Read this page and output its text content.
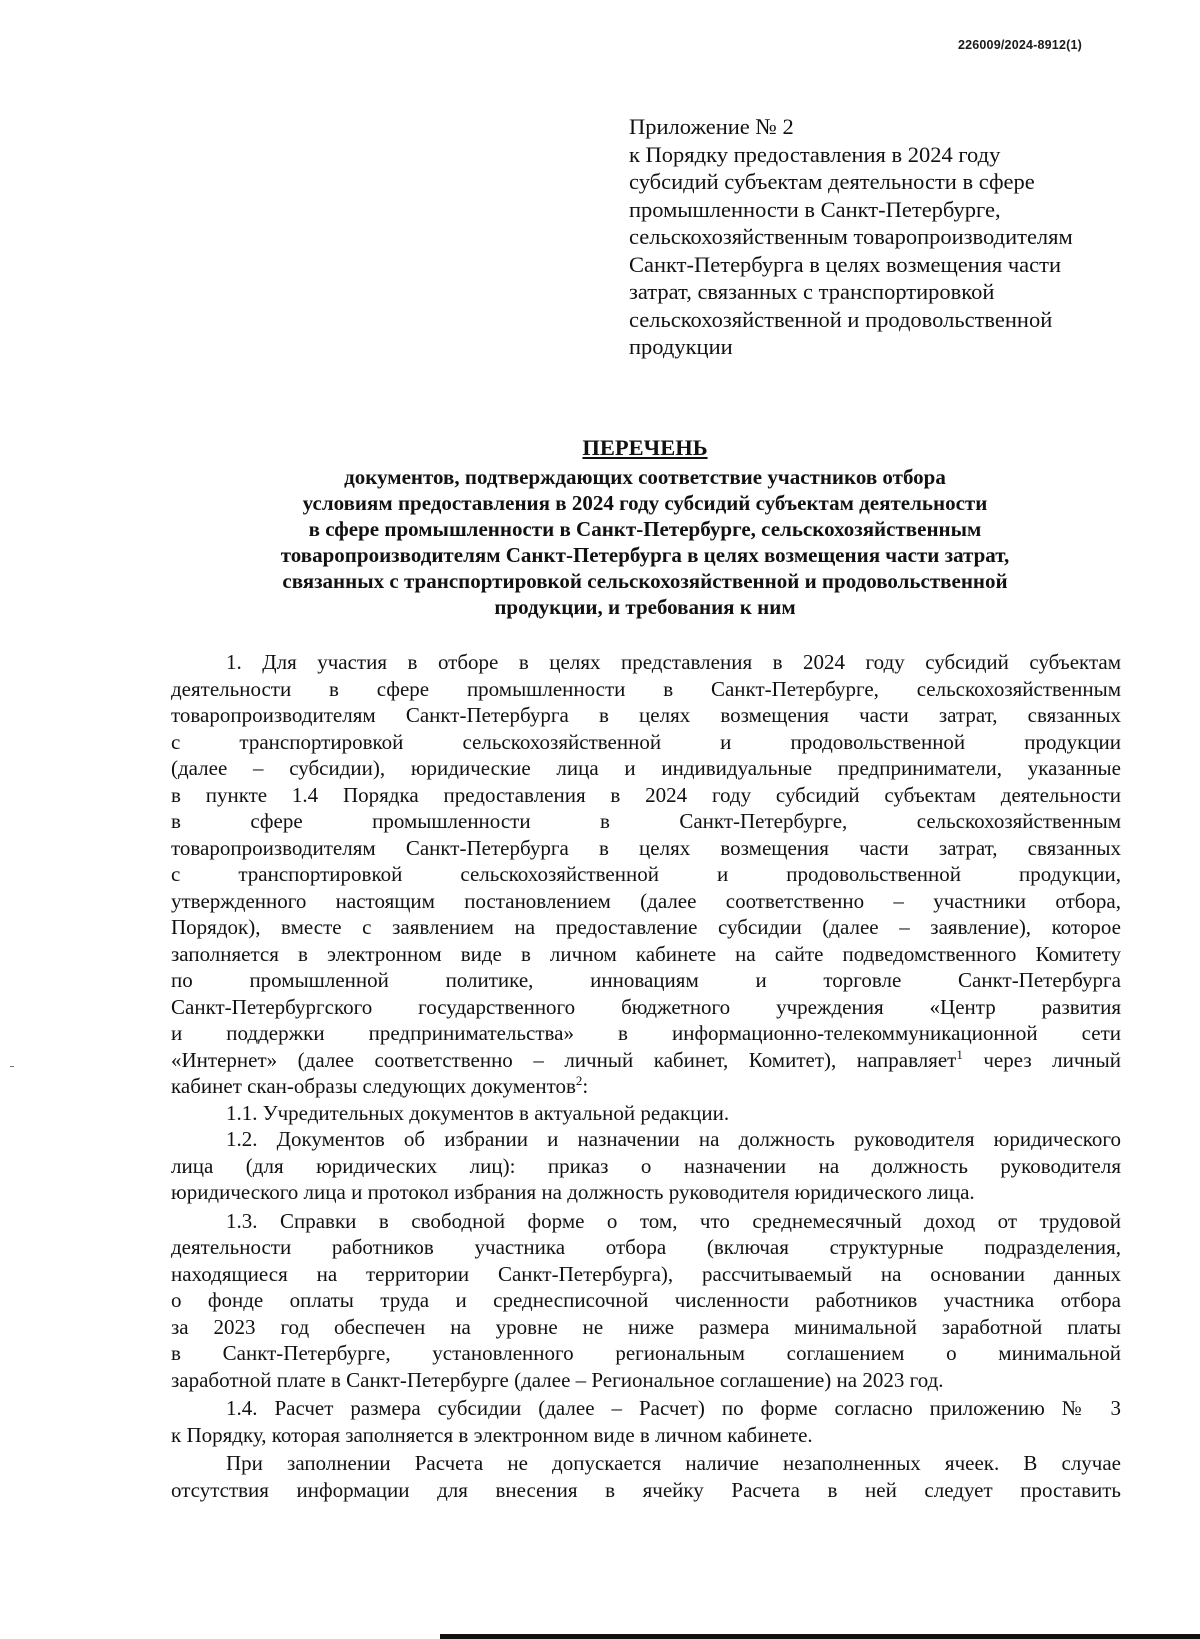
226009/2024-8912(1)
Приложение № 2
к Порядку предоставления в 2024 году
субсидий субъектам деятельности в сфере
промышленности в Санкт-Петербурге,
сельскохозяйственным товаропроизводителям
Санкт-Петербурга в целях возмещения части
затрат, связанных с транспортировкой
сельскохозяйственной и продовольственной
продукции
ПЕРЕЧЕНЬ
документов, подтверждающих соответствие участников отбора
условиям предоставления в 2024 году субсидий субъектам деятельности
в сфере промышленности в Санкт-Петербурге, сельскохозяйственным
товаропроизводителям Санкт-Петербурга в целях возмещения части затрат,
связанных с транспортировкой сельскохозяйственной и продовольственной
продукции, и требования к ним
1. Для участия в отборе в целях представления в 2024 году субсидий субъектам
деятельности в сфере промышленности в Санкт-Петербурге, сельскохозяйственным
товаропроизводителям Санкт-Петербурга в целях возмещения части затрат, связанных
с транспортировкой сельскохозяйственной и продовольственной продукции
(далее – субсидии), юридические лица и индивидуальные предприниматели, указанные
в пункте 1.4 Порядка предоставления в 2024 году субсидий субъектам деятельности
в сфере промышленности в Санкт-Петербурге, сельскохозяйственным
товаропроизводителям Санкт-Петербурга в целях возмещения части затрат, связанных
с транспортировкой сельскохозяйственной и продовольственной продукции,
утвержденного настоящим постановлением (далее соответственно – участники отбора,
Порядок), вместе с заявлением на предоставление субсидии (далее – заявление), которое
заполняется в электронном виде в личном кабинете на сайте подведомственного Комитету
по промышленной политике, инновациям и торговле Санкт-Петербурга
Санкт-Петербургского государственного бюджетного учреждения «Центр развития
и поддержки предпринимательства» в информационно-телекоммуникационной сети
«Интернет» (далее соответственно – личный кабинет, Комитет), направляет$^1$ через личный
кабинет скан-образы следующих документов$^2$:
1.1. Учредительных документов в актуальной редакции.
1.2. Документов об избрании и назначении на должность руководителя юридического
лица (для юридических лиц): приказ о назначении на должность руководителя
юридического лица и протокол избрания на должность руководителя юридического лица.
1.3. Справки в свободной форме о том, что среднемесячный доход от трудовой
деятельности работников участника отбора (включая структурные подразделения,
находящиеся на территории Санкт-Петербурга), рассчитываемый на основании данных
о фонде оплаты труда и среднесписочной численности работников участника отбора
за 2023 год обеспечен на уровне не ниже размера минимальной заработной платы
в Санкт-Петербурге, установленного региональным соглашением о минимальной
заработной плате в Санкт-Петербурге (далее – Региональное соглашение) на 2023 год.
1.4. Расчет размера субсидии (далее – Расчет) по форме согласно приложению № 3
к Порядку, которая заполняется в электронном виде в личном кабинете.
При заполнении Расчета не допускается наличие незаполненных ячеек. В случае
отсутствия информации для внесения в ячейку Расчета в ней следует проставить
